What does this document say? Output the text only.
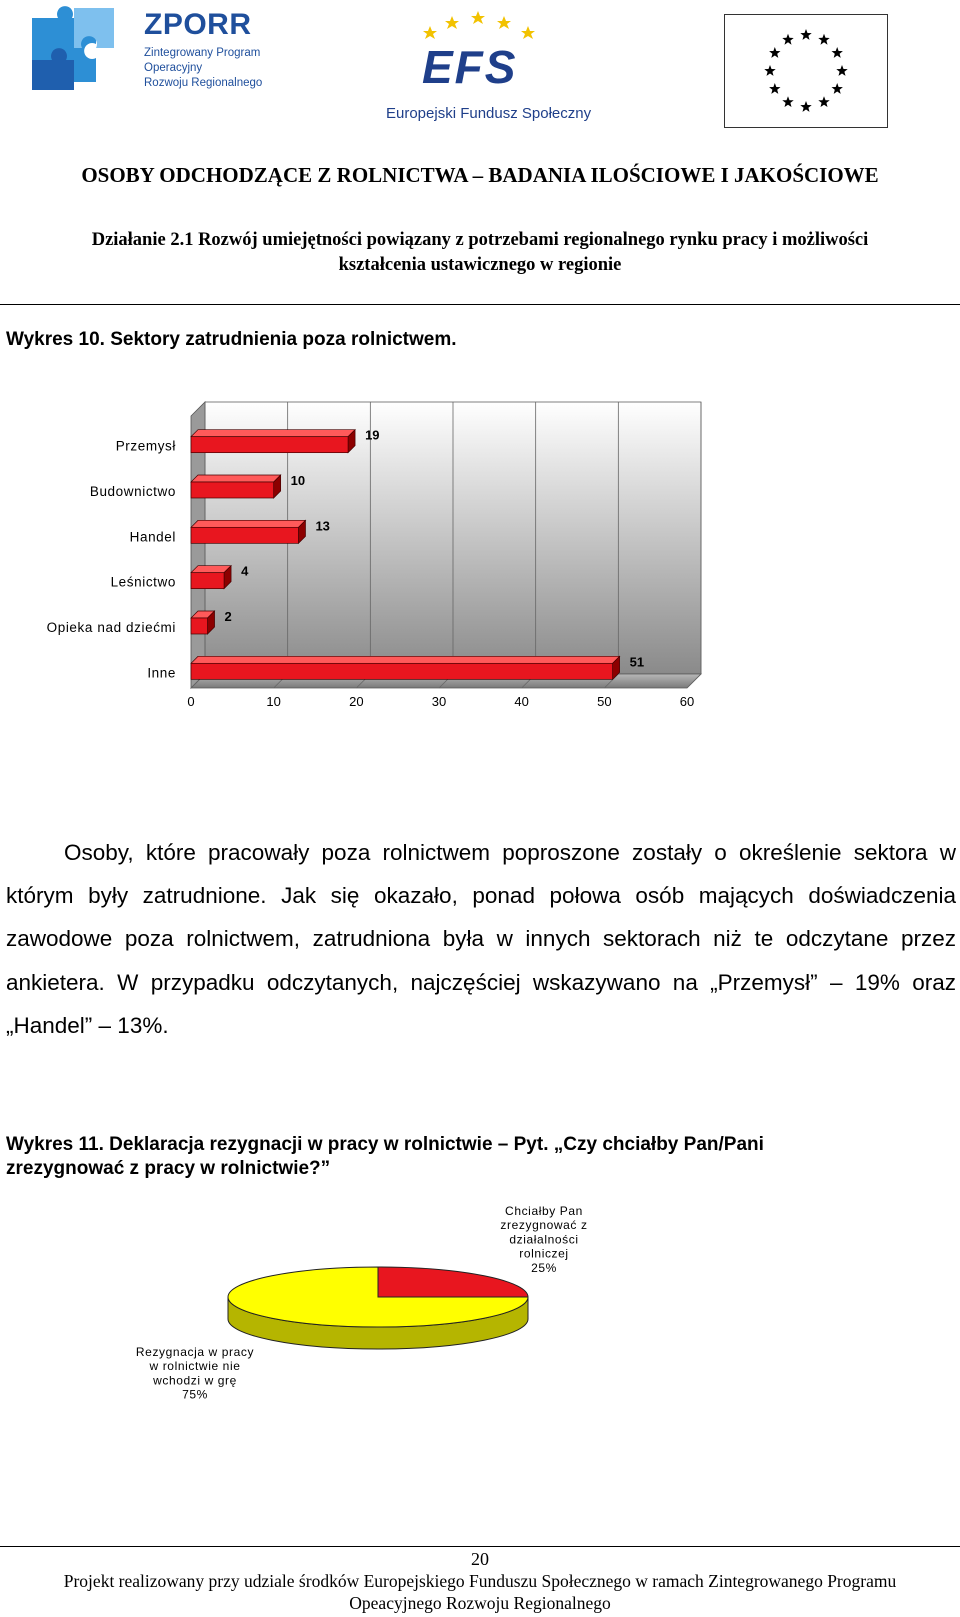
ZPORR
Zintegrowany Program
Operacyjny
Rozwoju Regionalnego	EFS
Europejski Fundusz Społeczny
OSOBY ODCHODZĄCE Z ROLNICTWA – BADANIA ILOŚCIOWE I JAKOŚCIOWE
Działanie 2.1 Rozwój umiejętności powiązany z potrzebami regionalnego rynku pracy i możliwości
kształcenia ustawicznego w regionie
Wykres 10. Sektory zatrudnienia poza rolnictwem.
Przemysł
Budownictwo
Handel
Leśnictwo
Opieka nad dziećmi
Inne
19
10
13
4
2
51
0	10	20	30	40	50	60

Osoby, które pracowały poza rolnictwem poproszone zostały o określenie sektora w którym były zatrudnione. Jak się okazało, ponad połowa osób mających doświadczenia zawodowe poza rolnictwem, zatrudniona była w innych sektorach niż te odczytane przez ankietera. W przypadku odczytanych, najczęściej wskazywano na „Przemysł” – 19% oraz „Handel” – 13%.

Wykres 11. Deklaracja rezygnacji w pracy w rolnictwie – Pyt. „Czy chciałby Pan/Pani
zrezygnować z pracy w rolnictwie?”
Chciałby Pan zrezygnować z działalności rolniczej 25%
Rezygnacja w pracy w rolnictwie nie wchodzi w grę 75%
20
Projekt realizowany przy udziale środków Europejskiego Funduszu Społecznego w ramach Zintegrowanego Programu
Opeacyjnego Rozwoju Regionalnego
